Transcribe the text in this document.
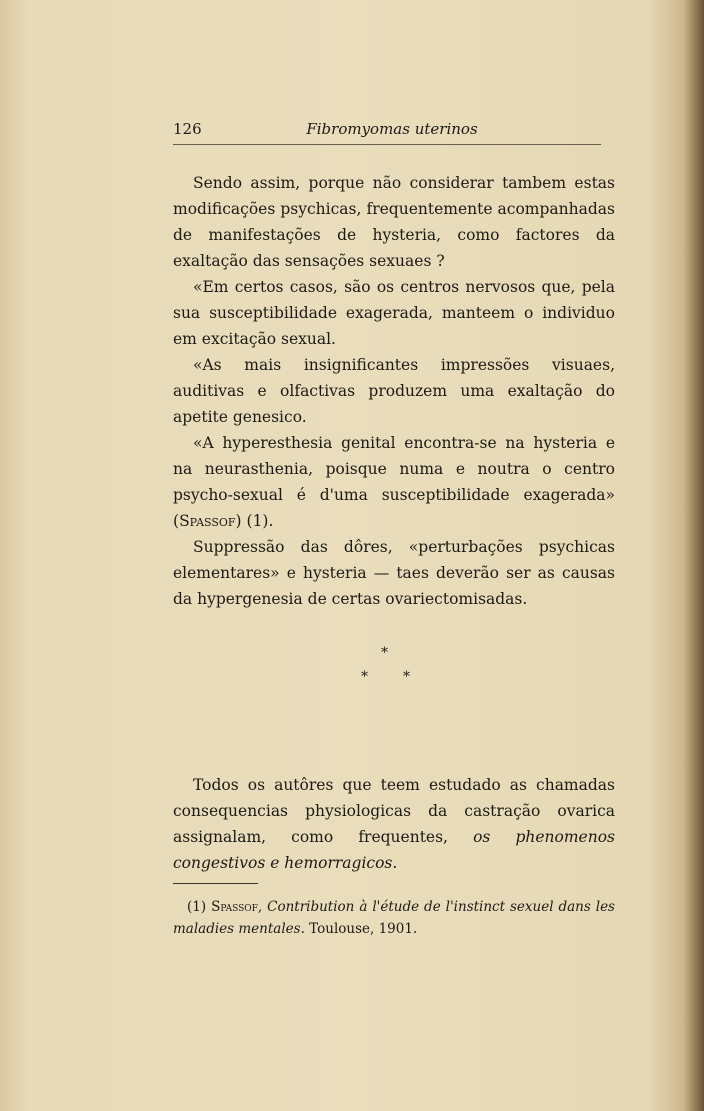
126	Fibromyomas uterinos

Sendo assim, porque não considerar tambem estas modificações psychicas, frequentemente acompanhadas de manifestações de hysteria, como factores da exaltação das sensações sexuaes ?

«Em certos casos, são os centros nervosos que, pela sua susceptibilidade exagerada, manteem o individuo em excitação sexual.

«As mais insignificantes impressões visuaes, auditivas e olfactivas produzem uma exaltação do apetite genesico.

«A hyperesthesia genital encontra-se na hysteria e na neurasthenia, poisque numa e noutra o centro psycho-sexual é d'uma susceptibilidade exagerada» (Spassof) (1).

Suppressão das dôres, «perturbações psychicas elementares» e hysteria — taes deverão ser as causas da hypergenesia de certas ovariectomisadas.

*
*	*

Todos os autôres que teem estudado as chamadas consequencias physiologicas da castração ovarica assignalam, como frequentes, os phenomenos congestivos e hemorragicos.

(1) Spassof, Contribution à l'étude de l'instinct sexuel dans les maladies mentales. Toulouse, 1901.
